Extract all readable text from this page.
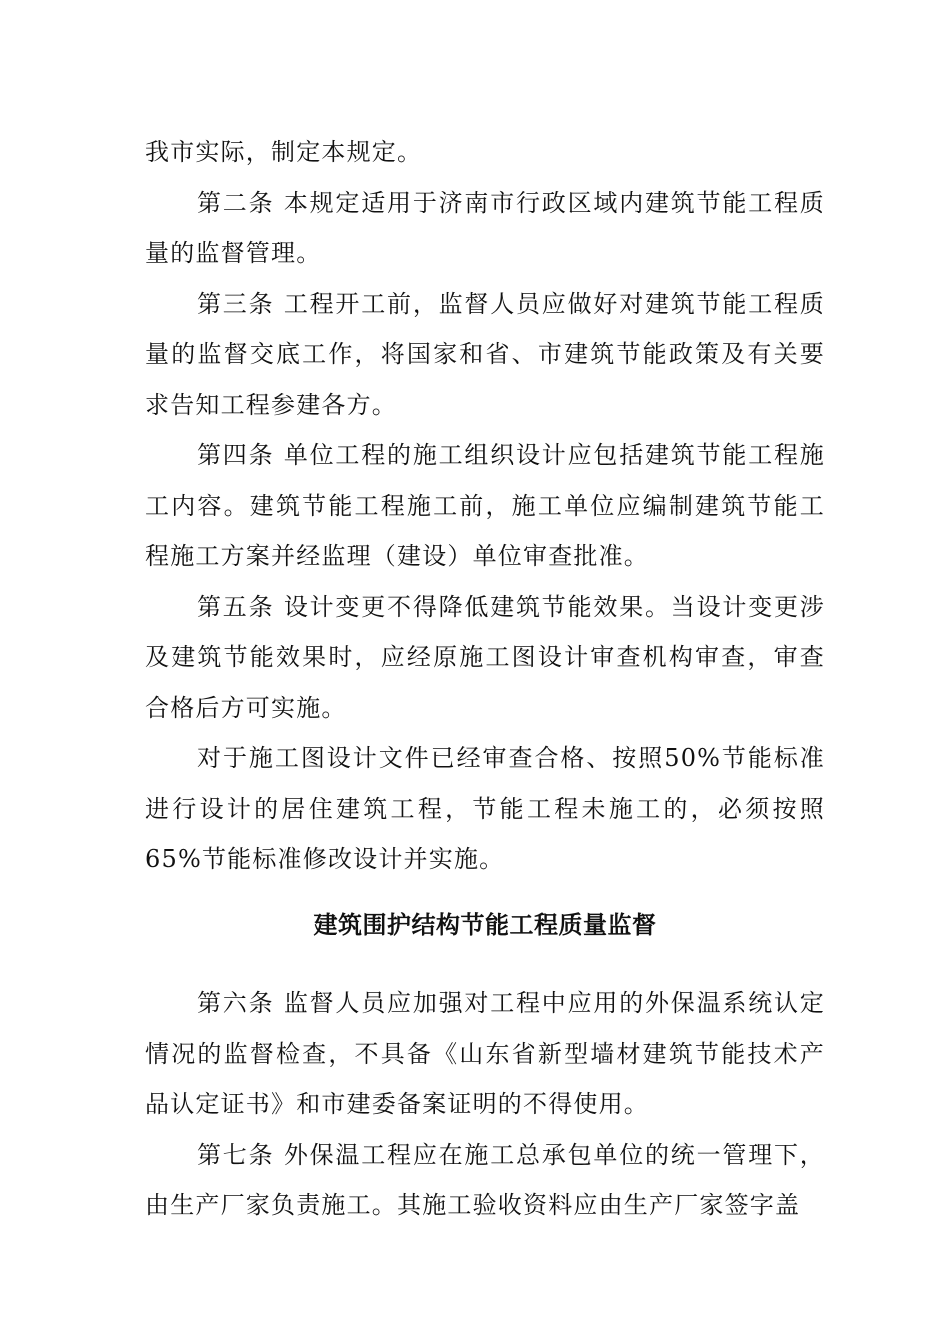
我市实际，制定本规定。

第二条 本规定适用于济南市行政区域内建筑节能工程质量的监督管理。

第三条 工程开工前，监督人员应做好对建筑节能工程质量的监督交底工作，将国家和省、市建筑节能政策及有关要求告知工程参建各方。

第四条 单位工程的施工组织设计应包括建筑节能工程施工内容。建筑节能工程施工前，施工单位应编制建筑节能工程施工方案并经监理（建设）单位审查批准。

第五条 设计变更不得降低建筑节能效果。当设计变更涉及建筑节能效果时，应经原施工图设计审查机构审查，审查合格后方可实施。

对于施工图设计文件已经审查合格、按照50%节能标准进行设计的居住建筑工程，节能工程未施工的，必须按照65%节能标准修改设计并实施。

建筑围护结构节能工程质量监督

第六条 监督人员应加强对工程中应用的外保温系统认定情况的监督检查，不具备《山东省新型墙材建筑节能技术产品认定证书》和市建委备案证明的不得使用。

第七条 外保温工程应在施工总承包单位的统一管理下，由生产厂家负责施工。其施工验收资料应由生产厂家签字盖
